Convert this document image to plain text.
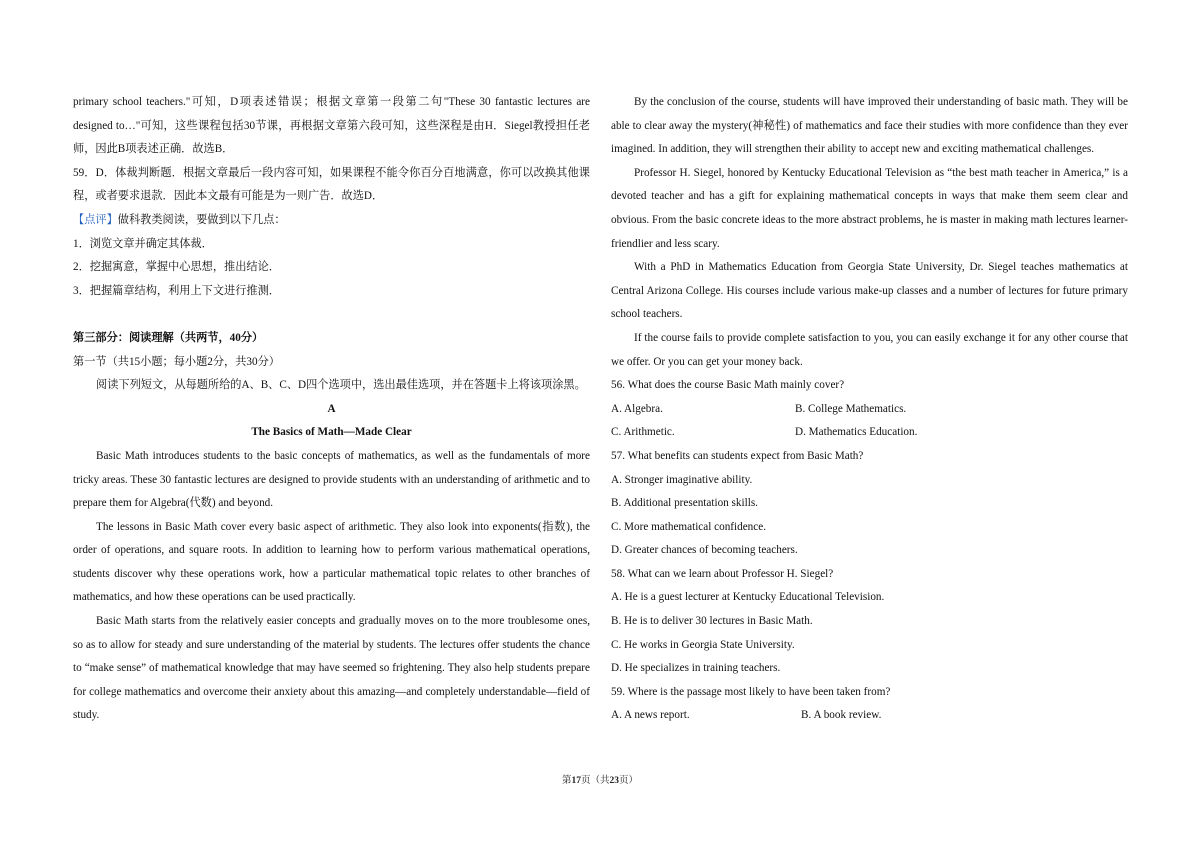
primary school teachers."可知，D项表述错误；根据文章第一段第二句"These 30 fantastic lectures are designed to…"可知，这些课程包括30节课，再根据文章第六段可知，这些深程是由H．Siegel教授担任老师，因此B项表述正确．故选B．

59．D．体裁判断题．根据文章最后一段内容可知，如果课程不能令你百分百地满意，你可以改换其他课程，或者要求退款．因此本文最有可能是为一则广告．故选D．

【点评】做科教类阅读，要做到以下几点：

1．浏览文章并确定其体裁．

2．挖掘寓意，掌握中心思想，推出结论．

3．把握篇章结构，利用上下文进行推测．

第三部分：阅读理解（共两节，40分）

第一节（共15小题；每小题2分，共30分）

阅读下列短文，从每题所给的A、B、C、D四个选项中，选出最佳选项，并在答题卡上将该项涂黑。

A

The Basics of Math—Made Clear

Basic Math introduces students to the basic concepts of mathematics, as well as the fundamentals of more tricky areas. These 30 fantastic lectures are designed to provide students with an understanding of arithmetic and to prepare them for Algebra(代数) and beyond.

The lessons in Basic Math cover every basic aspect of arithmetic. They also look into exponents(指数), the order of operations, and square roots. In addition to learning how to perform various mathematical operations, students discover why these operations work, how a particular mathematical topic relates to other branches of mathematics, and how these operations can be used practically.

Basic Math starts from the relatively easier concepts and gradually moves on to the more troublesome ones, so as to allow for steady and sure understanding of the material by students. The lectures offer students the chance to “make sense” of mathematical knowledge that may have seemed so frightening. They also help students prepare for college mathematics and overcome their anxiety about this amazing—and completely understandable—field of study.

By the conclusion of the course, students will have improved their understanding of basic math. They will be able to clear away the mystery(神秘性) of mathematics and face their studies with more confidence than they ever imagined. In addition, they will strengthen their ability to accept new and exciting mathematical challenges.

Professor H. Siegel, honored by Kentucky Educational Television as “the best math teacher in America,” is a devoted teacher and has a gift for explaining mathematical concepts in ways that make them seem clear and obvious. From the basic concrete ideas to the more abstract problems, he is master in making math lectures learner-friendlier and less scary.

With a PhD in Mathematics Education from Georgia State University, Dr. Siegel teaches mathematics at Central Arizona College. His courses include various make-up classes and a number of lectures for future primary school teachers.

If the course fails to provide complete satisfaction to you, you can easily exchange it for any other course that we offer. Or you can get your money back.

56. What does the course Basic Math mainly cover?

A. Algebra.	B. College Mathematics.
C. Arithmetic.	D. Mathematics Education.

57. What benefits can students expect from Basic Math?

A. Stronger imaginative ability.

B. Additional presentation skills.

C. More mathematical confidence.

D. Greater chances of becoming teachers.

58. What can we learn about Professor H. Siegel?

A. He is a guest lecturer at Kentucky Educational Television.

B. He is to deliver 30 lectures in Basic Math.

C. He works in Georgia State University.

D. He specializes in training teachers.

59. Where is the passage most likely to have been taken from?

A. A news report.	B. A book review.
第17页（共23页）
